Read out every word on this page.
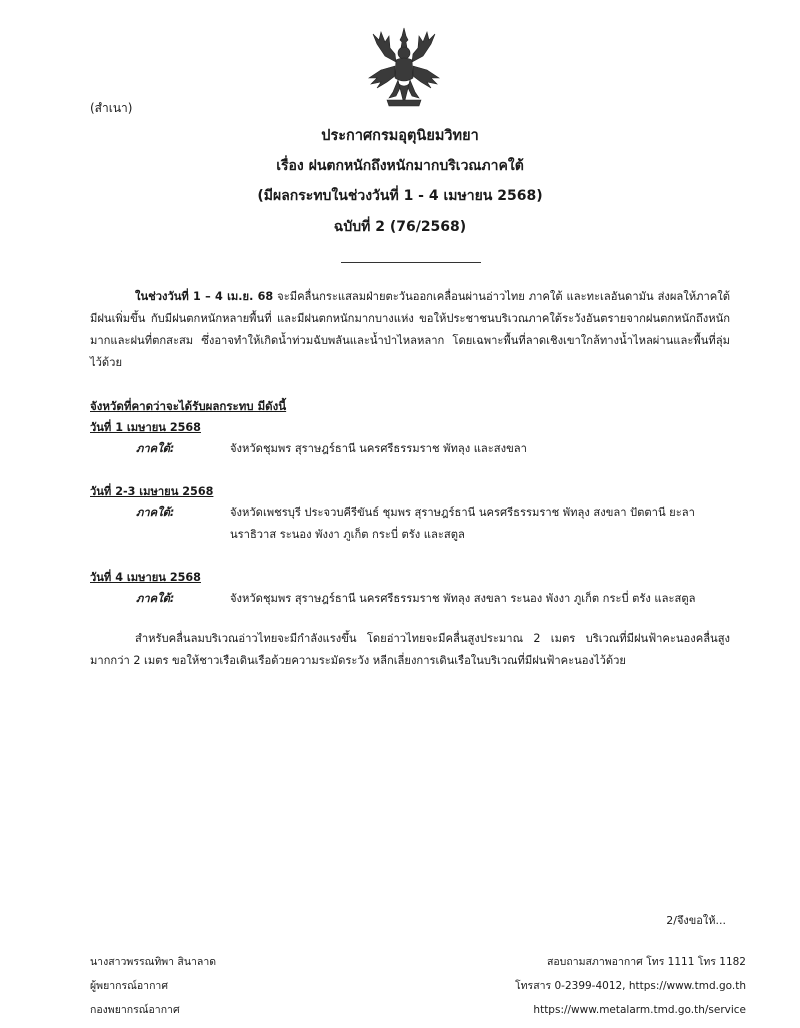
(สำเนา)
ประกาศกรมอุตุนิยมวิทยา
เรื่อง ฝนตกหนักถึงหนักมากบริเวณภาคใต้
(มีผลกระทบในช่วงวันที่ 1 - 4 เมษายน 2568)
ฉบับที่ 2 (76/2568)
ในช่วงวันที่ 1 – 4 เม.ย. 68 จะมีคลื่นกระแสลมฝ่ายตะวันออกเคลื่อนผ่านอ่าวไทย ภาคใต้ และทะเลอันดามัน ส่งผลให้ภาคใต้มีฝนเพิ่มขึ้น กับมีฝนตกหนักหลายพื้นที่ และมีฝนตกหนักมากบางแห่ง ขอให้ประชาชนบริเวณภาคใต้ระวังอันตรายจากฝนตกหนักถึงหนักมากและฝนที่ตกสะสม ซึ่งอาจทำให้เกิดน้ำท่วมฉับพลันและน้ำป่าไหลหลาก โดยเฉพาะพื้นที่ลาดเชิงเขาใกล้ทางน้ำไหลผ่านและพื้นที่ลุ่มไว้ด้วย
จังหวัดที่คาดว่าจะได้รับผลกระทบ มีดังนี้
วันที่ 1 เมษายน 2568
ภาคใต้:	จังหวัดชุมพร สุราษฎร์ธานี นครศรีธรรมราช พัทลุง และสงขลา
วันที่ 2-3 เมษายน 2568
ภาคใต้:	จังหวัดเพชรบุรี ประจวบคีรีขันธ์ ชุมพร สุราษฎร์ธานี นครศรีธรรมราช พัทลุง สงขลา ปัตตานี ยะลา
นราธิวาส ระนอง พังงา ภูเก็ต กระบี่ ตรัง และสตูล
วันที่ 4 เมษายน 2568
ภาคใต้:	จังหวัดชุมพร สุราษฎร์ธานี นครศรีธรรมราช พัทลุง สงขลา ระนอง พังงา ภูเก็ต กระบี่ ตรัง และสตูล
สำหรับคลื่นลมบริเวณอ่าวไทยจะมีกำลังแรงขึ้น โดยอ่าวไทยจะมีคลื่นสูงประมาณ 2 เมตร บริเวณที่มีฝนฟ้าคะนองคลื่นสูงมากกว่า 2 เมตร ขอให้ชาวเรือเดินเรือด้วยความระมัดระวัง หลีกเลี่ยงการเดินเรือในบริเวณที่มีฝนฟ้าคะนองไว้ด้วย
2/จึงขอให้...
นางสาวพรรณทิพา สินาลาด
ผู้พยากรณ์อากาศ
กองพยากรณ์อากาศ
สอบถามสภาพอากาศ โทร 1111 โทร 1182
โทรสาร 0-2399-4012, https://www.tmd.go.th
https://www.metalarm.tmd.go.th/service
